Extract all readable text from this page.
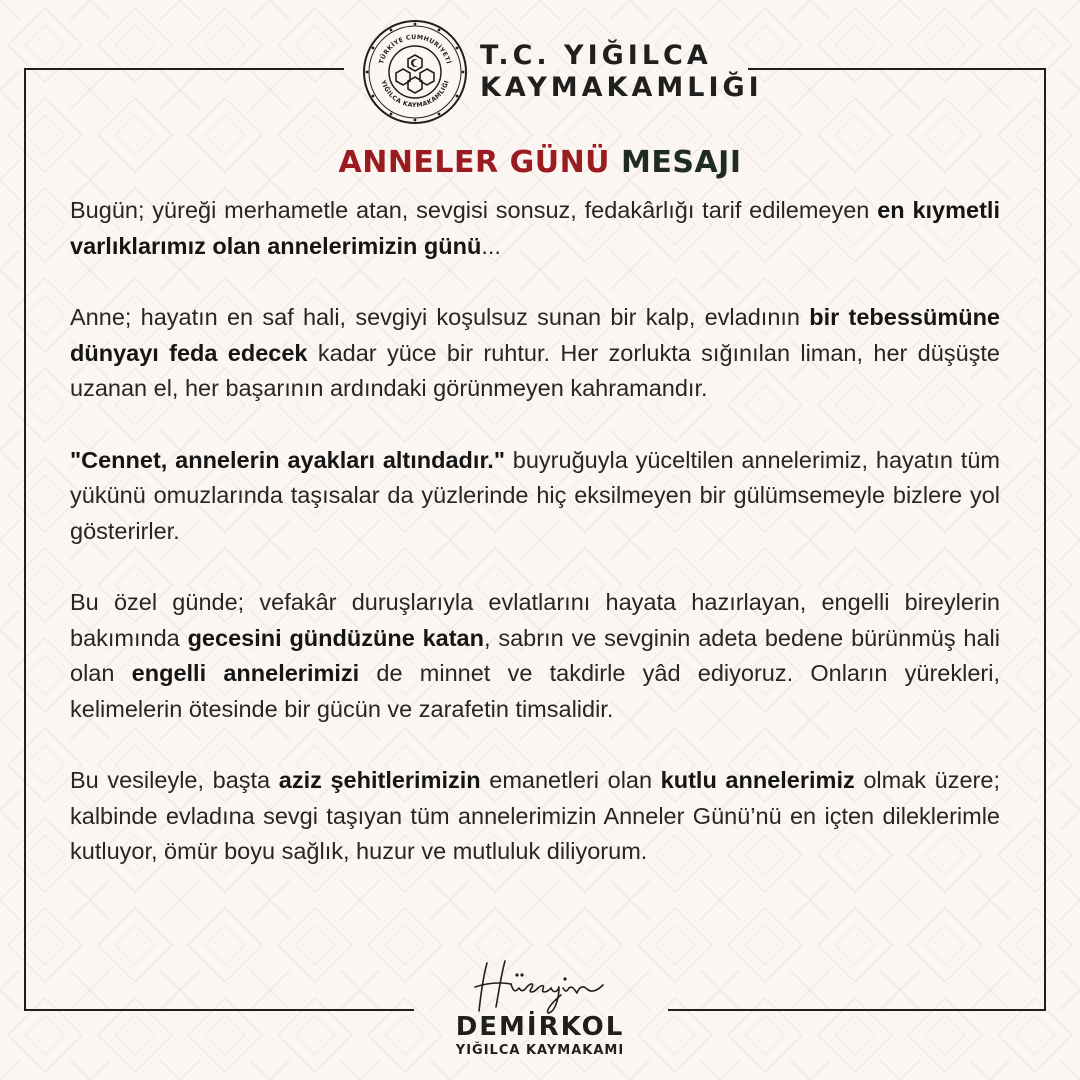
TÜRKİYE CUMHURİYETİ
YIĞILCA KAYMAKAMLIĞI
T.C. YIĞILCA
KAYMAKAMLIĞI
ANNELER GÜNÜ MESAJI

Bugün; yüreği merhametle atan, sevgisi sonsuz, fedakârlığı tarif edilemeyen en kıymetli varlıklarımız olan annelerimizin günü...

Anne; hayatın en saf hali, sevgiyi koşulsuz sunan bir kalp, evladının bir tebessümüne dünyayı feda edecek kadar yüce bir ruhtur. Her zorlukta sığınılan liman, her düşüşte uzanan el, her başarının ardındaki görünmeyen kahramandır.

"Cennet, annelerin ayakları altındadır." buyruğuyla yüceltilen annelerimiz, hayatın tüm yükünü omuzlarında taşısalar da yüzlerinde hiç eksilmeyen bir gülümsemeyle bizlere yol gösterirler.

Bu özel günde; vefakâr duruşlarıyla evlatlarını hayata hazırlayan, engelli bireylerin bakımında gecesini gündüzüne katan, sabrın ve sevginin adeta bedene bürünmüş hali olan engelli annelerimizi de minnet ve takdirle yâd ediyoruz. Onların yürekleri, kelimelerin ötesinde bir gücün ve zarafetin timsalidir.

Bu vesileyle, başta aziz şehitlerimizin emanetleri olan kutlu annelerimiz olmak üzere; kalbinde evladına sevgi taşıyan tüm annelerimizin Anneler Günü’nü en içten dileklerimle kutluyor, ömür boyu sağlık, huzur ve mutluluk diliyorum.

DEMİRKOL
YIĞILCA KAYMAKAMI
